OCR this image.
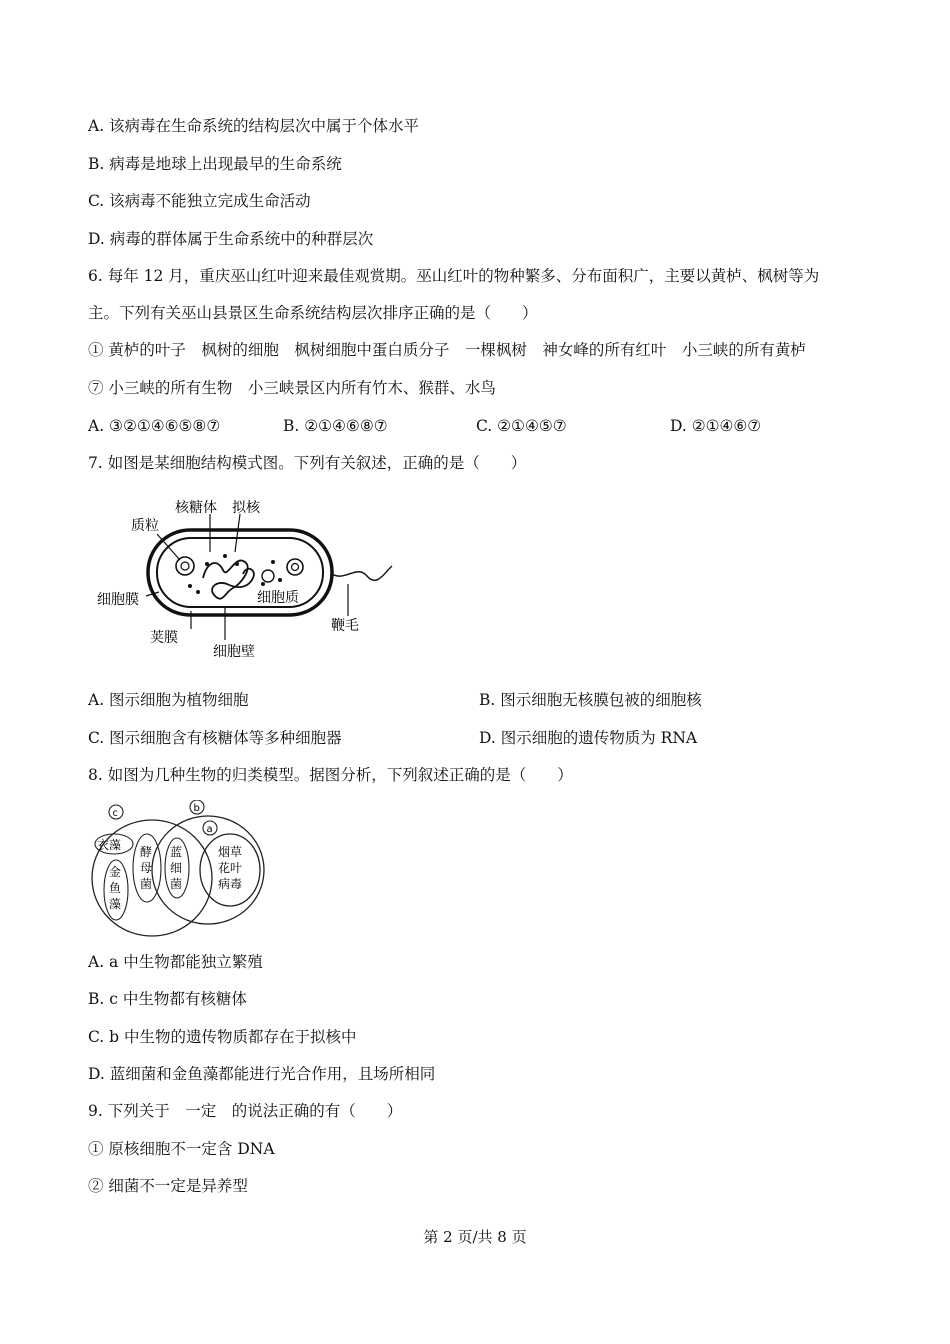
A. 该病毒在生命系统的结构层次中属于个体水平
B. 病毒是地球上出现最早的生命系统
C. 该病毒不能独立完成生命活动
D. 病毒的群体属于生命系统中的种群层次
6. 每年 12 月，重庆巫山红叶迎来最佳观赏期。巫山红叶的物种繁多、分布面积广，主要以黄栌、枫树等为
主。下列有关巫山县景区生命系统结构层次排序正确的是（　　）
① 黄栌的叶子　枫树的细胞　枫树细胞中蛋白质分子　一棵枫树　神女峰的所有红叶　小三峡的所有黄栌
⑦ 小三峡的所有生物　小三峡景区内所有竹木、猴群、水鸟
A. ③②①④⑥⑤⑧⑦	B. ②①④⑥⑧⑦	C. ②①④⑤⑦	D. ②①④⑥⑦
7. 如图是某细胞结构模式图。下列有关叙述，正确的是（　　）
核糖体 拟核
质粒
细胞膜	细胞质
鞭毛
荚膜
细胞壁
A. 图示细胞为植物细胞	B. 图示细胞无核膜包被的细胞核
C. 图示细胞含有核糖体等多种细胞器	D. 图示细胞的遗传物质为 RNA
8. 如图为几种生物的归类模型。据图分析，下列叙述正确的是（　　）
c	b
a
衣藻
金
鱼
藻
酵
母
菌
蓝
细
菌
烟草
花叶
病毒
A. a 中生物都能独立繁殖
B. c 中生物都有核糖体
C. b 中生物的遗传物质都存在于拟核中
D. 蓝细菌和金鱼藻都能进行光合作用，且场所相同
9. 下列关于　一定　的说法正确的有（　　）
① 原核细胞不一定含 DNA
② 细菌不一定是异养型
第 2 页/共 8 页
